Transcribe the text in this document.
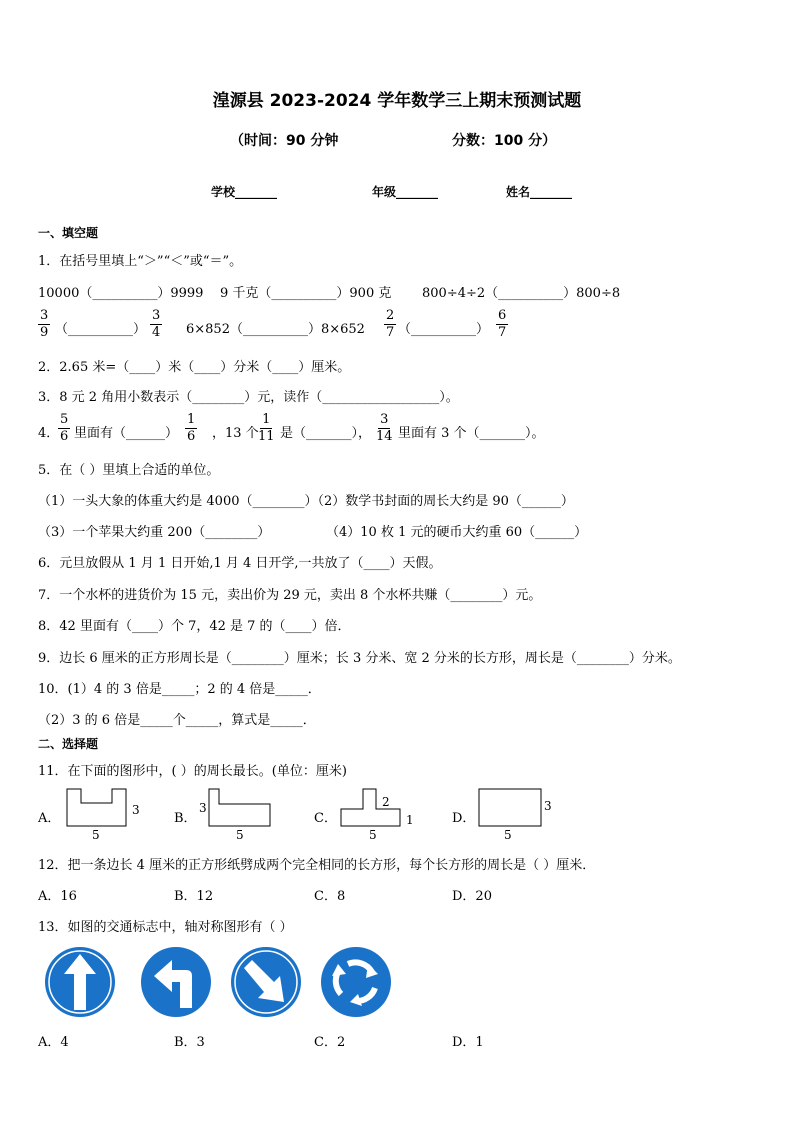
湟源县 2023-2024 学年数学三上期末预测试题
（时间：90 分钟	分数：100 分）
学校_______	年级_______	姓名_______
一、填空题
1．在括号里填上“＞”“＜”或“＝”。
10000（__________）9999 9 千克（__________）900 克 800÷4÷2（__________）800÷8
$\frac{3}{9}$ （__________） $\frac{3}{4}$ 6×852（__________）8×652 $\frac{2}{7}$ （__________） $\frac{6}{7}$
2．2.65 米=（____）米（____）分米（____）厘米。
3．8 元 2 角用小数表示（________）元，读作（__________________）。
4．
$\frac{5}{6}$ 里面有（______） $\frac{1}{6}$ ，13 个 $\frac{1}{11}$ 是（_______）， $\frac{3}{14}$ 里面有 3 个（_______）。
5．在（ ）里填上合适的单位。
（1）一头大象的体重大约是 4000（________）（2）数学书封面的周长大约是 90（______）
（3）一个苹果大约重 200（________）	（4）10 枚 1 元的硬币大约重 60（______）
6．元旦放假从 1 月 1 日开始,1 月 4 日开学,一共放了（____）天假。
7．一个水杯的进货价为 15 元，卖出价为 29 元，卖出 8 个水杯共赚（________）元。
8．42 里面有（____）个 7，42 是 7 的（____）倍．
9．边长 6 厘米的正方形周长是（________）厘米；长 3 分米、宽 2 分米的长方形，周长是（________）分米。
10．(1）4 的 3 倍是_____；2 的 4 倍是_____．
（2）3 的 6 倍是_____个_____，算式是_____．
二、选择题
11．在下面的图形中，( ）的周长最长。(单位：厘米)
A．
3
5
B．
3
5
C．
2
1
5
D．
3
5
12．把一条边长 4 厘米的正方形纸劈成两个完全相同的长方形，每个长方形的周长是（ ）厘米．
A．16	B．12	C．8	D．20
13．如图的交通标志中，轴对称图形有（ ）
A．4	B．3	C．2	D．1
